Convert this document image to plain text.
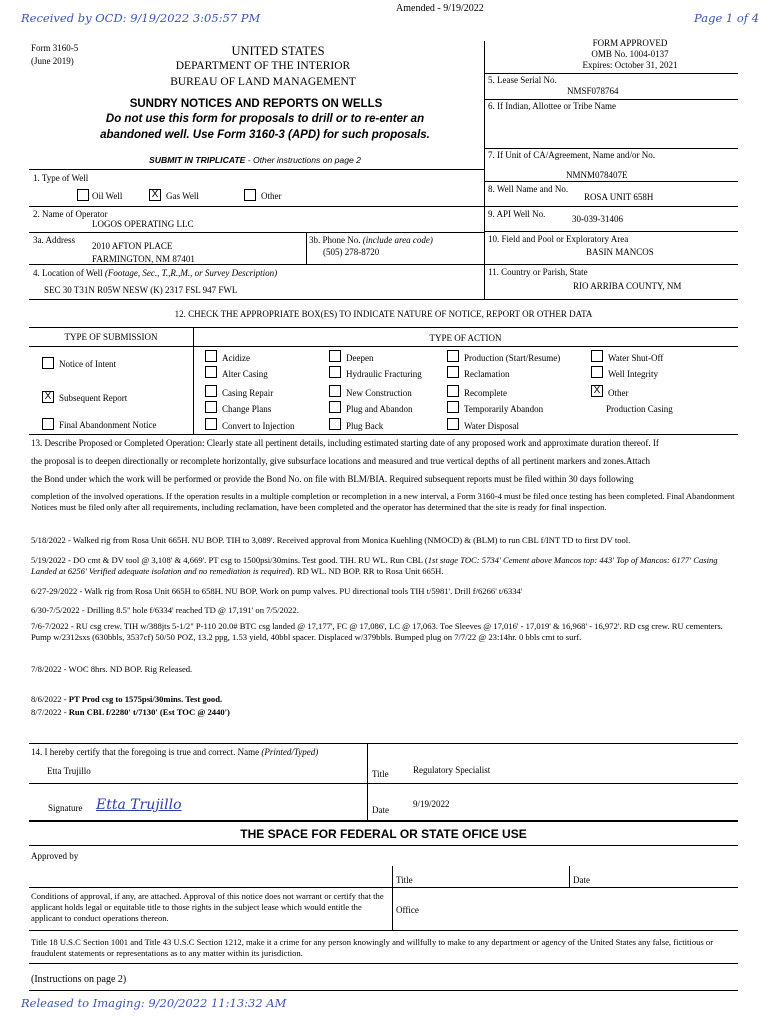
Received by OCD: 9/19/2022 3:05:57 PM	Page 1 of 4
Amended - 9/19/2022
Released to Imaging: 9/20/2022 11:13:32 AM
Form 3160-5
(June 2019)
UNITED STATES
DEPARTMENT OF THE INTERIOR
BUREAU OF LAND MANAGEMENT
SUNDRY NOTICES AND REPORTS ON WELLS
Do not use this form for proposals to drill or to re-enter an
abandoned well. Use Form 3160-3 (APD) for such proposals.
SUBMIT IN TRIPLICATE - Other instructions on page 2
FORM APPROVED
OMB No. 1004-0137
Expires: October 31, 2021
5. Lease Serial No.
NMSF078764
6. If Indian, Allottee or Tribe Name
7. If Unit of CA/Agreement, Name and/or No.
NMNM078407E
8. Well Name and No.
ROSA UNIT 658H
9. API Well No.	30-039-31406
10. Field and Pool or Exploratory Area
BASIN MANCOS
11. Country or Parish, State
RIO ARRIBA COUNTY, NM
1. Type of Well
Oil Well	X Gas Well	Other
2. Name of Operator
LOGOS OPERATING LLC
3a. Address
2010 AFTON PLACE
FARMINGTON, NM 87401
3b. Phone No. (include area code)
(505) 278-8720
4. Location of Well (Footage, Sec., T.,R.,M., or Survey Description)
SEC 30 T31N R05W NESW (K) 2317 FSL 947 FWL
12. CHECK THE APPROPRIATE BOX(ES) TO INDICATE NATURE OF NOTICE, REPORT OR OTHER DATA
TYPE OF SUBMISSION	TYPE OF ACTION
Notice of Intent
X Subsequent Report
Final Abandonment Notice
Acidize
Alter Casing
Casing Repair
Change Plans
Convert to Injection
Deepen
Hydraulic Fracturing
New Construction
Plug and Abandon
Plug Back
Production (Start/Resume)
Reclamation
Recomplete
Temporarily Abandon
Water Disposal
Water Shut-Off
Well Integrity
X Other
Production Casing
13. Describe Proposed or Completed Operation: Clearly state all pertinent details, including estimated starting date of any proposed work and approximate duration thereof. If
the proposal is to deepen directionally or recomplete horizontally, give subsurface locations and measured and true vertical depths of all pertinent markers and zones.Attach
the Bond under which the work will be performed or provide the Bond No. on file with BLM/BIA. Required subsequent reports must be filed within 30 days following
completion of the involved operations. If the operation results in a multiple completion or recompletion in a new interval, a Form 3160-4 must be filed once testing has been completed. Final Abandonment Notices must be filed only after all requirements, including reclamation, have been completed and the operator has determined that the site is ready for final inspection.
5/18/2022 - Walked rig from Rosa Unit 665H. NU BOP. TIH to 3,089'. Received approval from Monica Kuehling (NMOCD) & (BLM) to run CBL f/INT TD to first DV tool.
5/19/2022 - DO cmt & DV tool @ 3,108' & 4,669'. PT csg to 1500psi/30mins. Test good. TIH. RU WL. Run CBL (1st stage TOC: 5734' Cement above Mancos top: 443' Top of Mancos: 6177' Casing Landed at 6256' Verified adequate isolation and no remediation is required). RD WL. ND BOP. RR to Rosa Unit 665H.
6/27-29/2022 - Walk rig from Rosa Unit 665H to 658H. NU BOP. Work on pump valves. PU directional tools TIH t/5981'. Drill f/6266' t/6334'
6/30-7/5/2022 - Drilling 8.5" hole f/6334' reached TD @ 17,191' on 7/5/2022.
7/6-7/2022 - RU csg crew. TIH w/388jts 5-1/2" P-110 20.0# BTC csg landed @ 17,177', FC @ 17,086', LC @ 17,063. Toe Sleeves @ 17,016' - 17,019' & 16,968' - 16,972'. RD csg crew. RU cementers. Pump w/2312sxs (630bbls, 3537cf) 50/50 POZ, 13.2 ppg, 1.53 yield, 40bbl spacer. Displaced w/379bbls. Bumped plug on 7/7/22 @ 23:14hr. 0 bbls cmt to surf.
7/8/2022 - WOC 8hrs. ND BOP. Rig Released.
8/6/2022 - PT Prod csg to 1575psi/30mins. Test good.
8/7/2022 - Run CBL f/2280' t/7130' (Est TOC @ 2440')
14. I hereby certify that the foregoing is true and correct. Name (Printed/Typed)
Etta Trujillo	Title	Regulatory Specialist
Signature Etta Trujillo	Date
9/19/2022
THE SPACE FOR FEDERAL OR STATE OFICE USE
Approved by
Title	Date
Conditions of approval, if any, are attached. Approval of this notice does not warrant or certify that the applicant holds legal or equitable title to those rights in the subject lease which would entitle the applicant to conduct operations thereon.
Office
Title 18 U.S.C Section 1001 and Title 43 U.S.C Section 1212, make it a crime for any person knowingly and willfully to make to any department or agency of the United States any false, fictitious or fraudulent statements or representations as to any matter within its jurisdiction.
(Instructions on page 2)
